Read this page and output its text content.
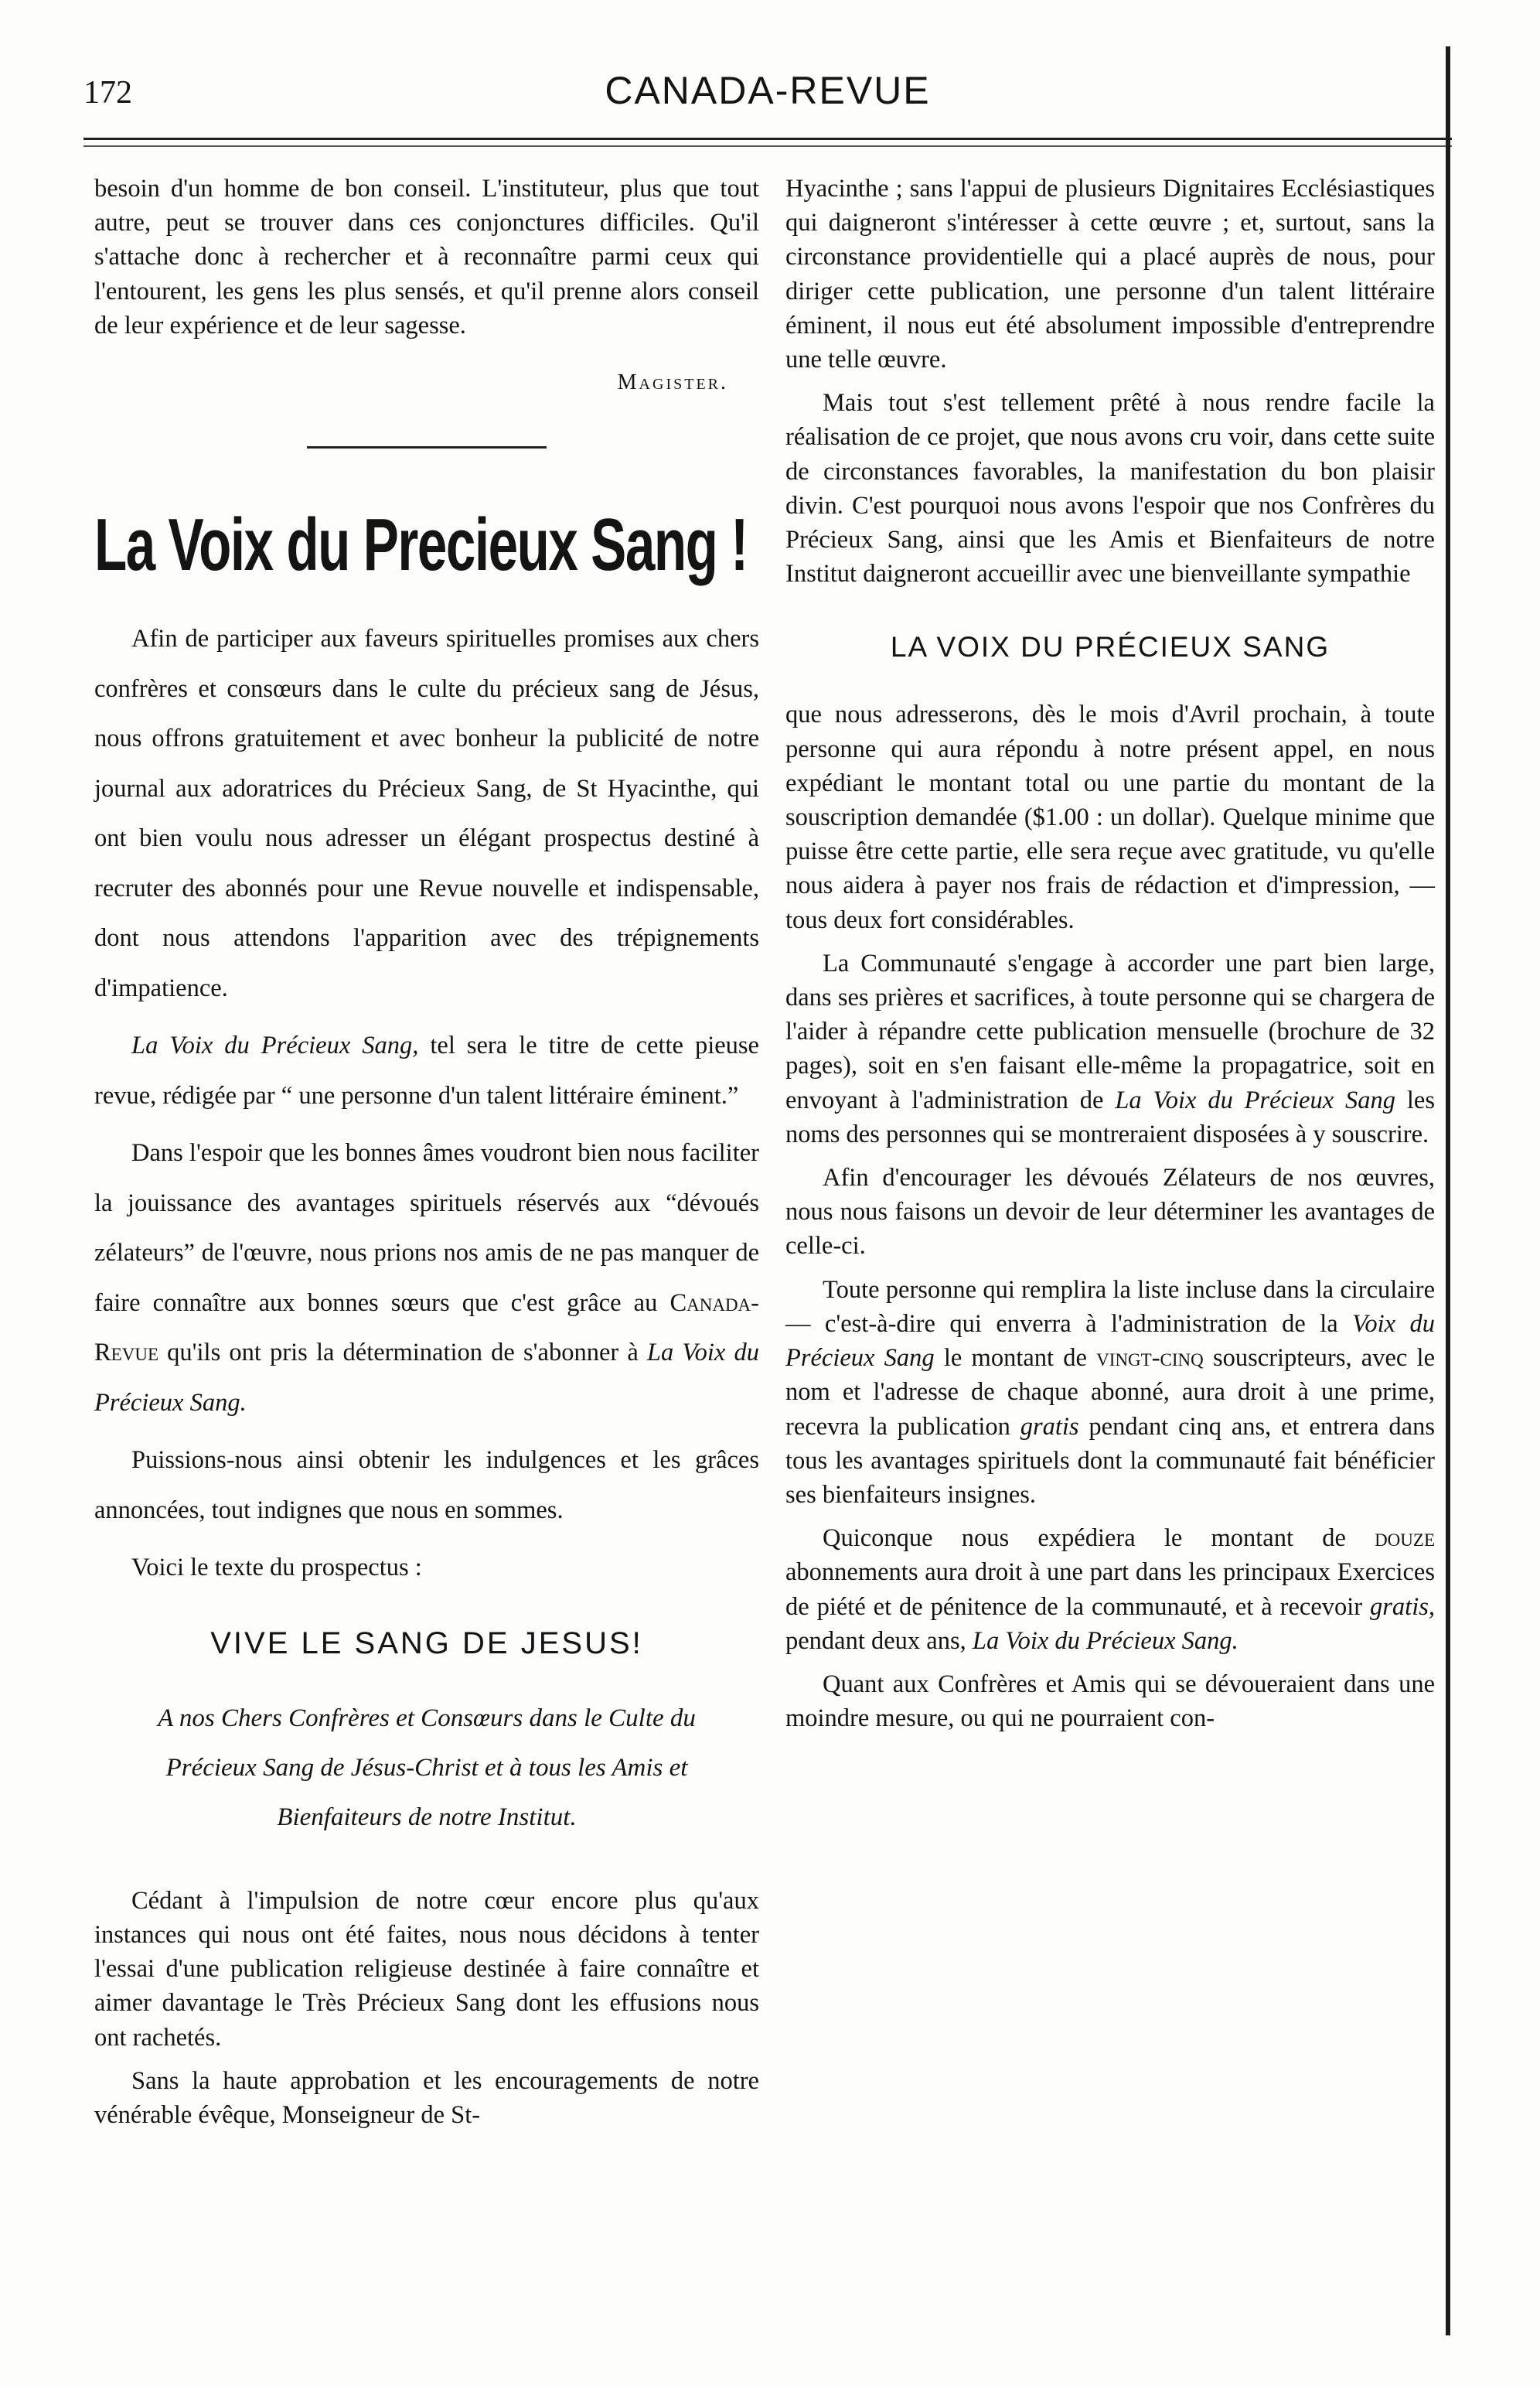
172	CANADA-REVUE

besoin d'un homme de bon conseil. L'instituteur, plus que tout autre, peut se trouver dans ces conjonctures difficiles. Qu'il s'attache donc à rechercher et à reconnaître parmi ceux qui l'entourent, les gens les plus sensés, et qu'il prenne alors conseil de leur expérience et de leur sagesse.

Magister.
La Voix du Precieux Sang !

Afin de participer aux faveurs spirituelles promises aux chers confrères et consœurs dans le culte du précieux sang de Jésus, nous offrons gratuitement et avec bonheur la publicité de notre journal aux adoratrices du Précieux Sang, de St Hyacinthe, qui ont bien voulu nous adresser un élégant prospectus destiné à recruter des abonnés pour une Revue nouvelle et indispensable, dont nous attendons l'apparition avec des trépignements d'impatience.

La Voix du Précieux Sang, tel sera le titre de cette pieuse revue, rédigée par “ une personne d'un talent littéraire éminent.”

Dans l'espoir que les bonnes âmes voudront bien nous faciliter la jouissance des avantages spirituels réservés aux “dévoués zélateurs” de l'œuvre, nous prions nos amis de ne pas manquer de faire connaître aux bonnes sœurs que c'est grâce au Canada-Revue qu'ils ont pris la détermination de s'abonner à La Voix du Précieux Sang.

Puissions-nous ainsi obtenir les indulgences et les grâces annoncées, tout indignes que nous en sommes.

Voici le texte du prospectus :

VIVE LE SANG DE JESUS!
A nos Chers Confrères et Consœurs dans le Culte du Précieux Sang de Jésus-Christ et à tous les Amis et Bienfaiteurs de notre Institut.

Cédant à l'impulsion de notre cœur encore plus qu'aux instances qui nous ont été faites, nous nous décidons à tenter l'essai d'une publication religieuse destinée à faire connaître et aimer davantage le Très Précieux Sang dont les effusions nous ont rachetés.

Sans la haute approbation et les encouragements de notre vénérable évêque, Monseigneur de St-

Hyacinthe ; sans l'appui de plusieurs Dignitaires Ecclésiastiques qui daigneront s'intéresser à cette œuvre ; et, surtout, sans la circonstance providentielle qui a placé auprès de nous, pour diriger cette publication, une personne d'un talent littéraire éminent, il nous eut été absolument impossible d'entreprendre une telle œuvre.

Mais tout s'est tellement prêté à nous rendre facile la réalisation de ce projet, que nous avons cru voir, dans cette suite de circonstances favorables, la manifestation du bon plaisir divin. C'est pourquoi nous avons l'espoir que nos Confrères du Précieux Sang, ainsi que les Amis et Bienfaiteurs de notre Institut daigneront accueillir avec une bienveillante sympathie

LA VOIX DU PRÉCIEUX SANG

que nous adresserons, dès le mois d'Avril prochain, à toute personne qui aura répondu à notre présent appel, en nous expédiant le montant total ou une partie du montant de la souscription demandée ($1.00 : un dollar). Quelque minime que puisse être cette partie, elle sera reçue avec gratitude, vu qu'elle nous aidera à payer nos frais de rédaction et d'impression, — tous deux fort considérables.

La Communauté s'engage à accorder une part bien large, dans ses prières et sacrifices, à toute personne qui se chargera de l'aider à répandre cette publication mensuelle (brochure de 32 pages), soit en s'en faisant elle-même la propagatrice, soit en envoyant à l'administration de La Voix du Précieux Sang les noms des personnes qui se montreraient disposées à y souscrire.

Afin d'encourager les dévoués Zélateurs de nos œuvres, nous nous faisons un devoir de leur déterminer les avantages de celle-ci.

Toute personne qui remplira la liste incluse dans la circulaire — c'est-à-dire qui enverra à l'administration de la Voix du Précieux Sang le montant de vingt-cinq souscripteurs, avec le nom et l'adresse de chaque abonné, aura droit à une prime, recevra la publication gratis pendant cinq ans, et entrera dans tous les avantages spirituels dont la communauté fait bénéficier ses bienfaiteurs insignes.

Quiconque nous expédiera le montant de douze abonnements aura droit à une part dans les principaux Exercices de piété et de pénitence de la communauté, et à recevoir gratis, pendant deux ans, La Voix du Précieux Sang.

Quant aux Confrères et Amis qui se dévoueraient dans une moindre mesure, ou qui ne pourraient con-
